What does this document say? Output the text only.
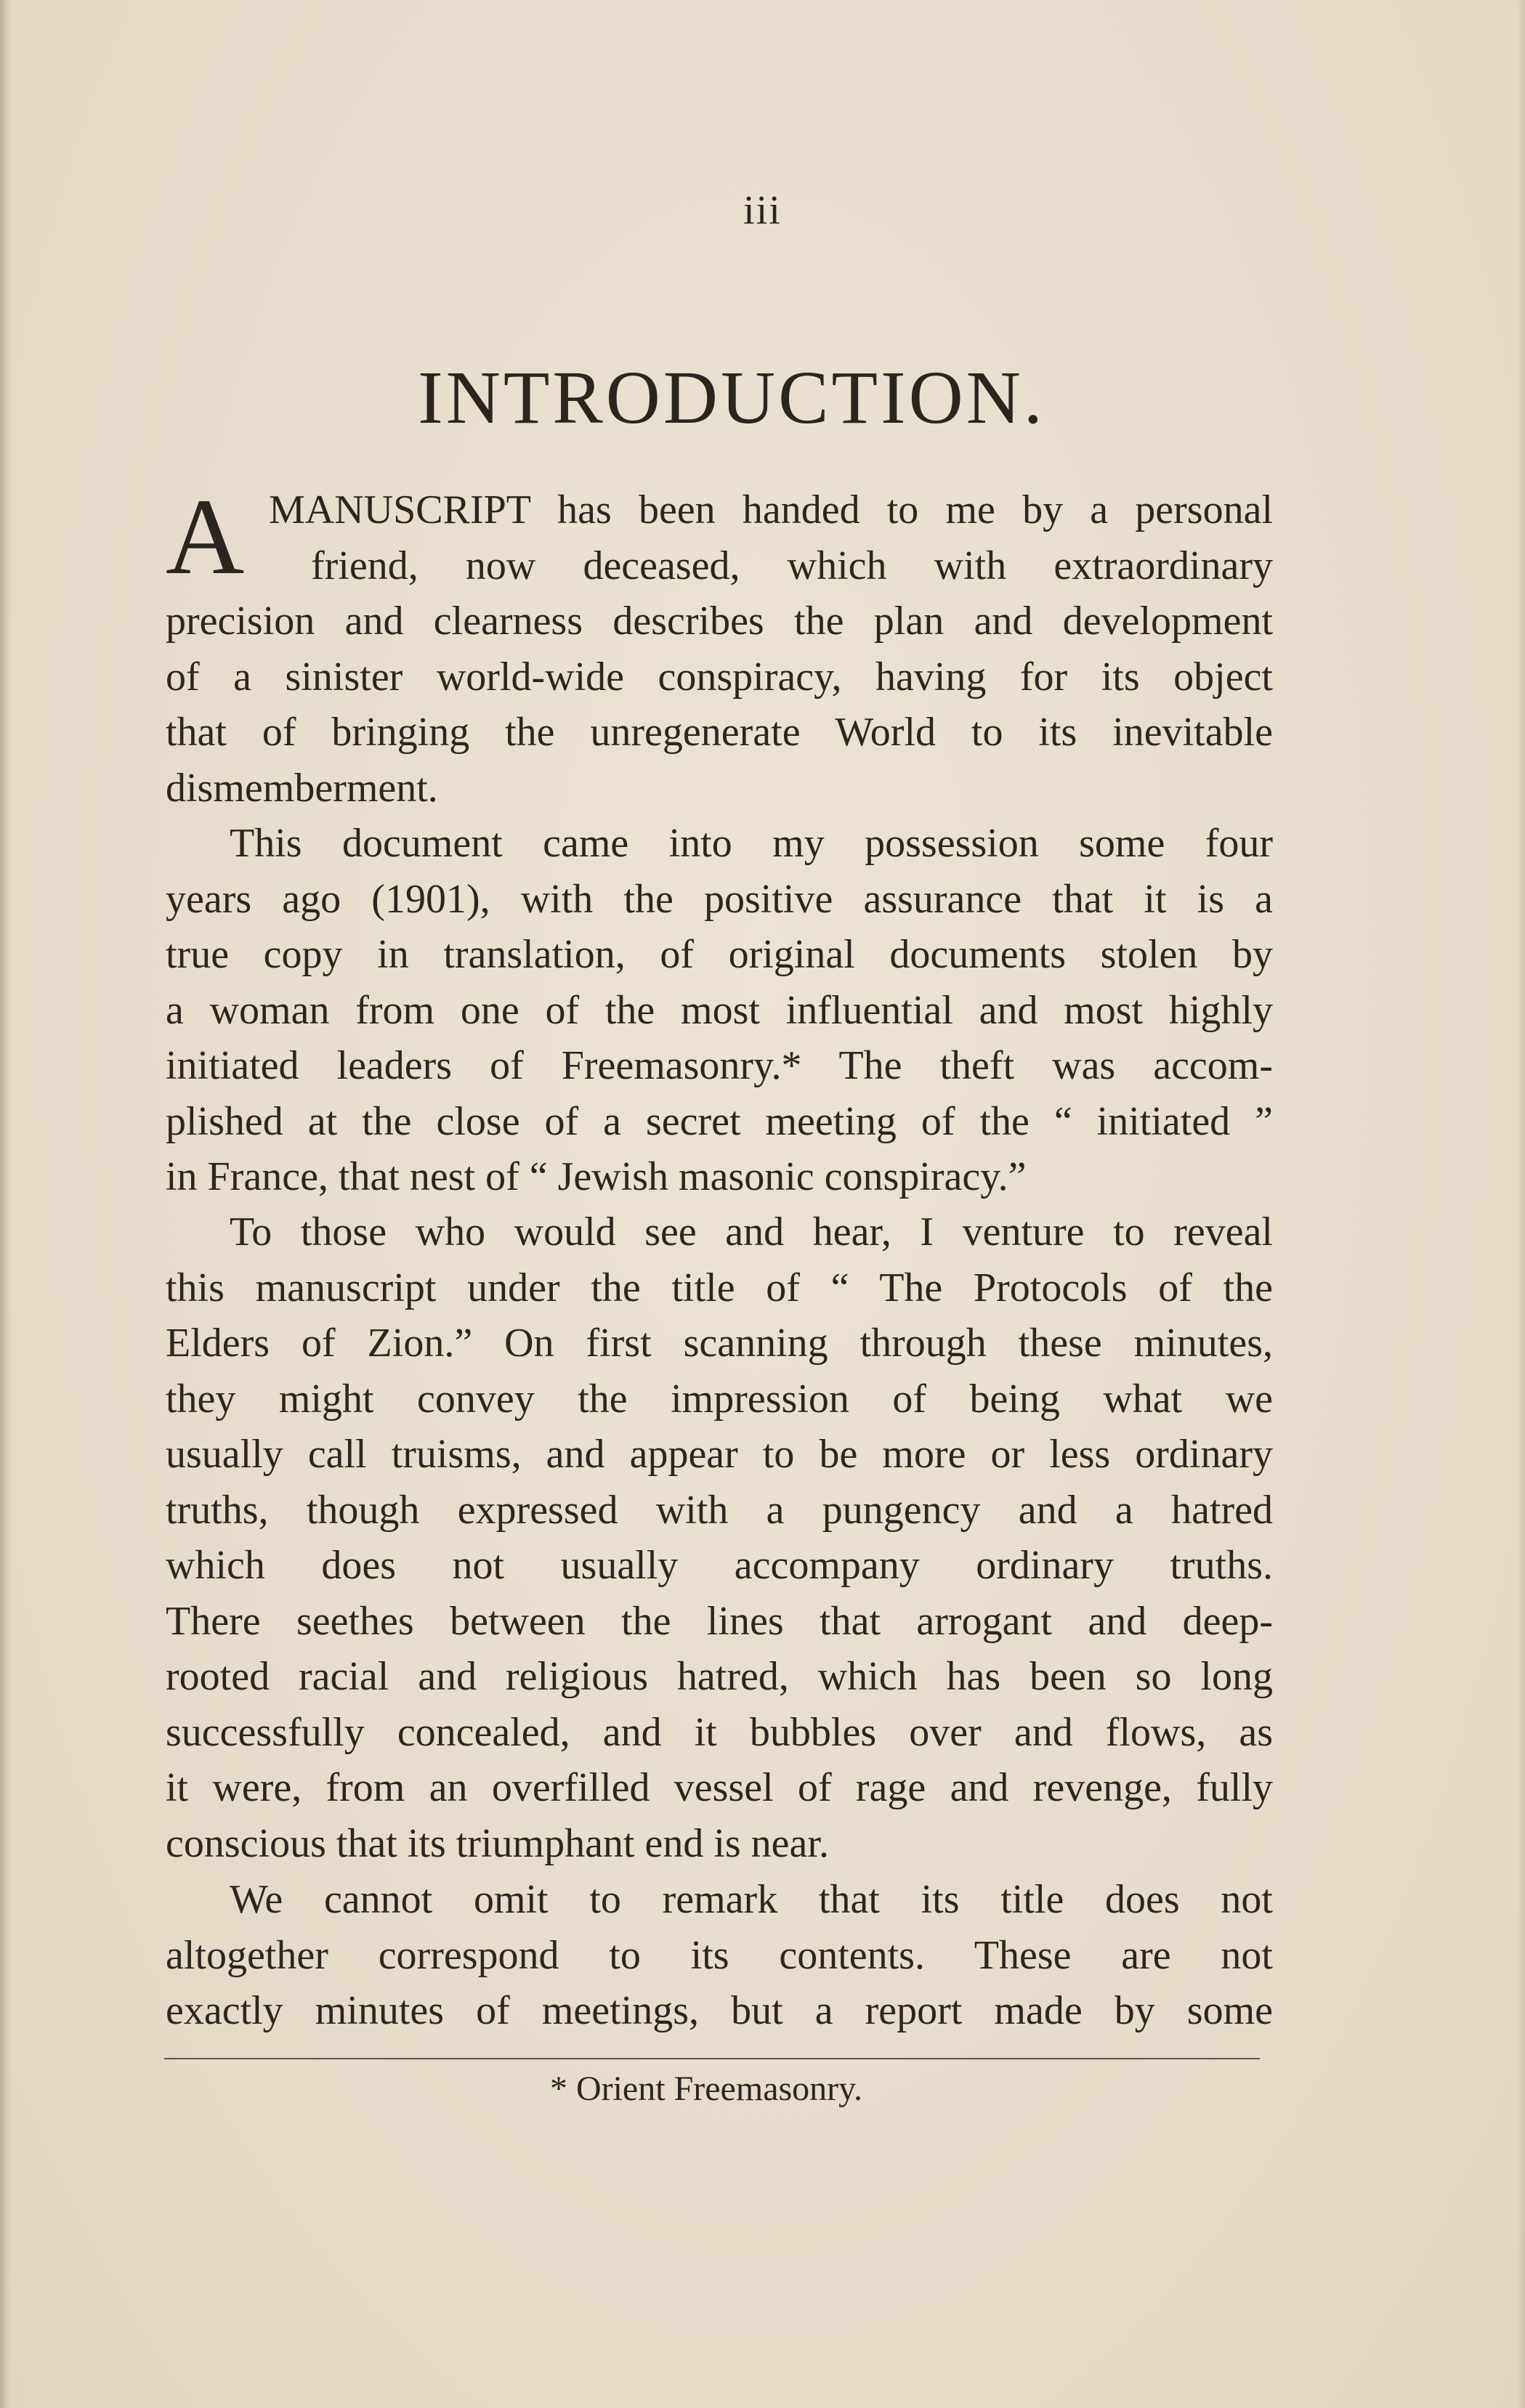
iii
INTRODUCTION.
A MANUSCRIPT has been handed to me by a personal
friend, now deceased, which with extraordinary
precision and clearness describes the plan and development
of a sinister world-wide conspiracy, having for its object
that of bringing the unregenerate World to its inevitable
dismemberment.
This document came into my possession some four
years ago (1901), with the positive assurance that it is a
true copy in translation, of original documents stolen by
a woman from one of the most influential and most highly
initiated leaders of Freemasonry.* The theft was accom-
plished at the close of a secret meeting of the “ initiated ”
in France, that nest of “ Jewish masonic conspiracy.”
To those who would see and hear, I venture to reveal
this manuscript under the title of “ The Protocols of the
Elders of Zion.” On first scanning through these minutes,
they might convey the impression of being what we
usually call truisms, and appear to be more or less ordinary
truths, though expressed with a pungency and a hatred
which does not usually accompany ordinary truths.
There seethes between the lines that arrogant and deep-
rooted racial and religious hatred, which has been so long
successfully concealed, and it bubbles over and flows, as
it were, from an overfilled vessel of rage and revenge, fully
conscious that its triumphant end is near.
We cannot omit to remark that its title does not
altogether correspond to its contents. These are not
exactly minutes of meetings, but a report made by some
* Orient Freemasonry.
